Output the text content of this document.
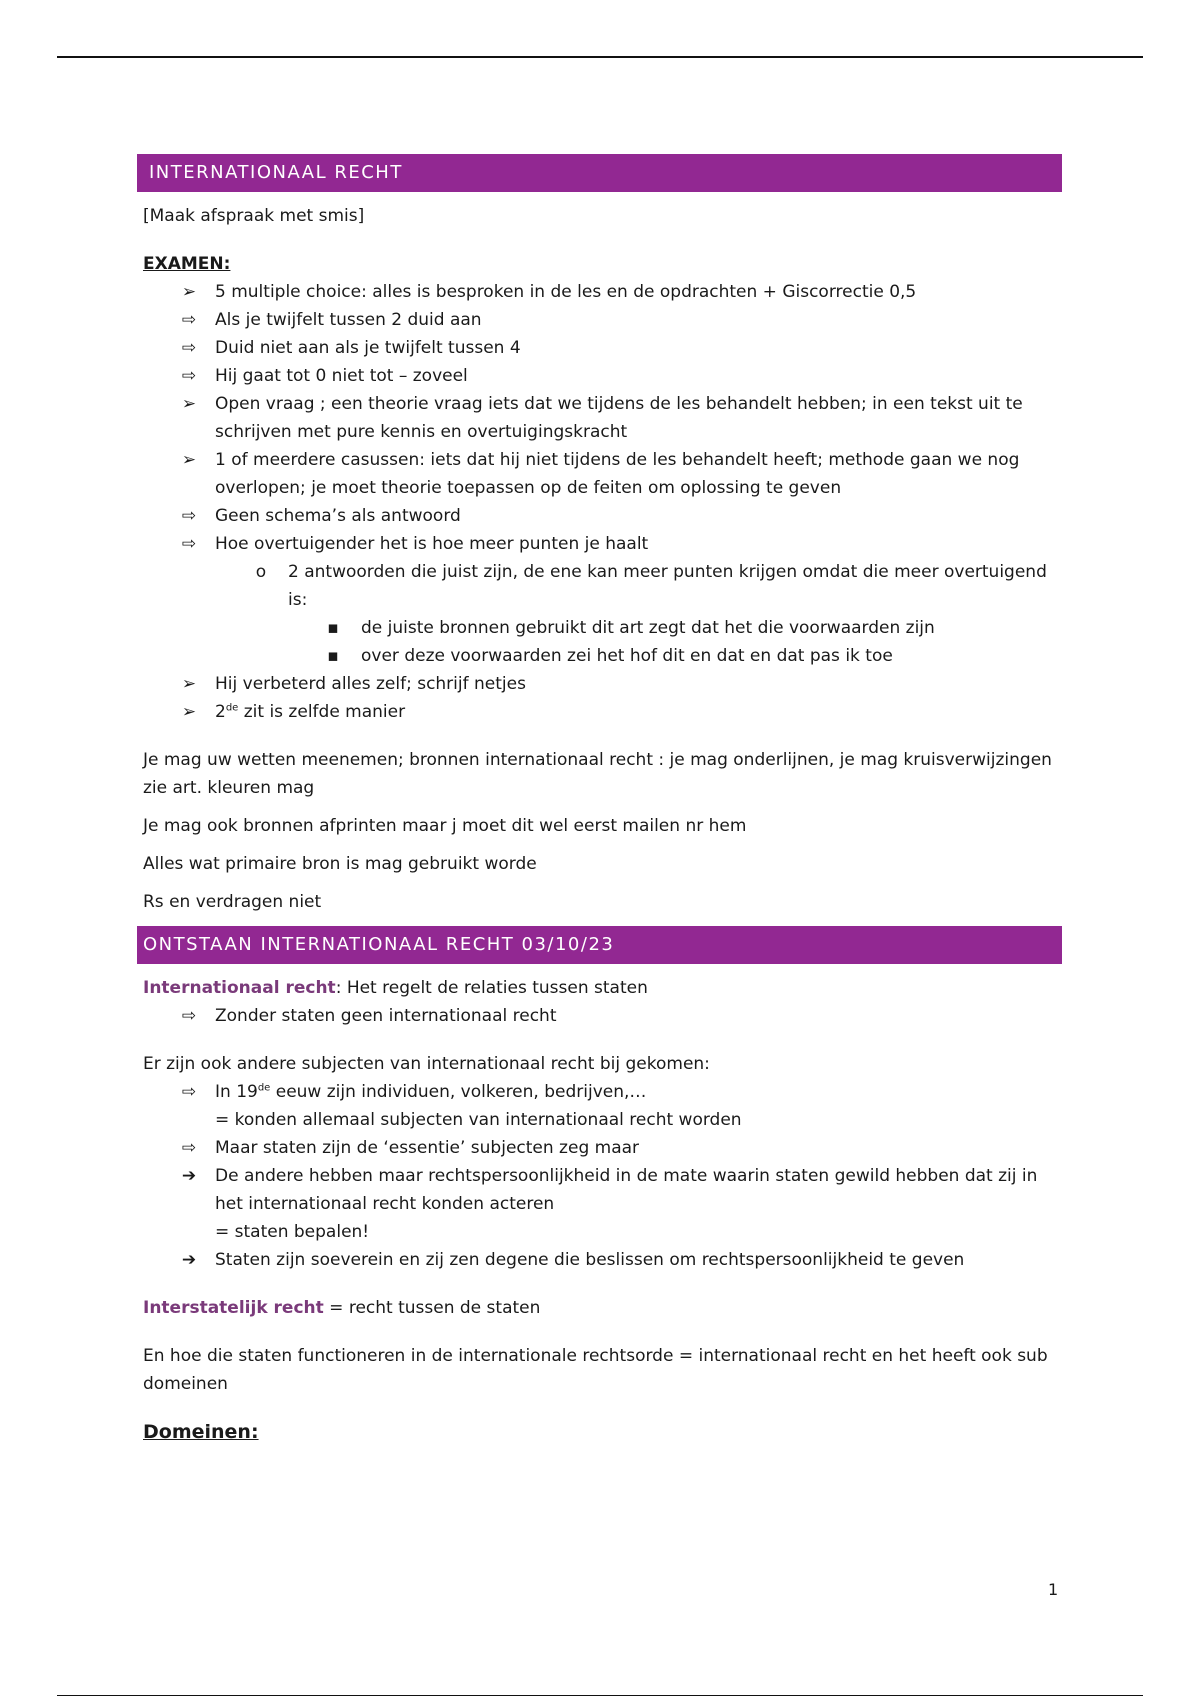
INTERNATIONAAL RECHT

[Maak afspraak met smis]

EXAMEN:

➢ 5 multiple choice: alles is besproken in de les en de opdrachten + Giscorrectie 0,5
⇨ Als je twijfelt tussen 2 duid aan
⇨ Duid niet aan als je twijfelt tussen 4
⇨ Hij gaat tot 0 niet tot – zoveel
➢ Open vraag ; een theorie vraag iets dat we tijdens de les behandelt hebben; in een tekst uit te schrijven met pure kennis en overtuigingskracht
➢ 1 of meerdere casussen: iets dat hij niet tijdens de les behandelt heeft; methode gaan we nog overlopen; je moet theorie toepassen op de feiten om oplossing te geven
⇨ Geen schema’s als antwoord
⇨ Hoe overtuigender het is hoe meer punten je haalt
o 2 antwoorden die juist zijn, de ene kan meer punten krijgen omdat die meer overtuigend is:
▪ de juiste bronnen gebruikt dit art zegt dat het die voorwaarden zijn
▪ over deze voorwaarden zei het hof dit en dat en dat pas ik toe
➢ Hij verbeterd alles zelf; schrijf netjes
➢ 2de zit is zelfde manier

Je mag uw wetten meenemen; bronnen internationaal recht : je mag onderlijnen, je mag kruisverwijzingen zie art. kleuren mag

Je mag ook bronnen afprinten maar j moet dit wel eerst mailen nr hem

Alles wat primaire bron is mag gebruikt worde

Rs en verdragen niet

ONTSTAAN INTERNATIONAAL RECHT 03/10/23

Internationaal recht: Het regelt de relaties tussen staten

⇨ Zonder staten geen internationaal recht

Er zijn ook andere subjecten van internationaal recht bij gekomen:

⇨ In 19de eeuw zijn individuen, volkeren, bedrijven,…
= konden allemaal subjecten van internationaal recht worden
⇨ Maar staten zijn de ‘essentie’ subjecten zeg maar
➔ De andere hebben maar rechtspersoonlijkheid in de mate waarin staten gewild hebben dat zij in het internationaal recht konden acteren
= staten bepalen!
➔ Staten zijn soeverein en zij zen degene die beslissen om rechtspersoonlijkheid te geven

Interstatelijk recht = recht tussen de staten

En hoe die staten functioneren in de internationale rechtsorde = internationaal recht en het heeft ook sub domeinen

Domeinen:

1
